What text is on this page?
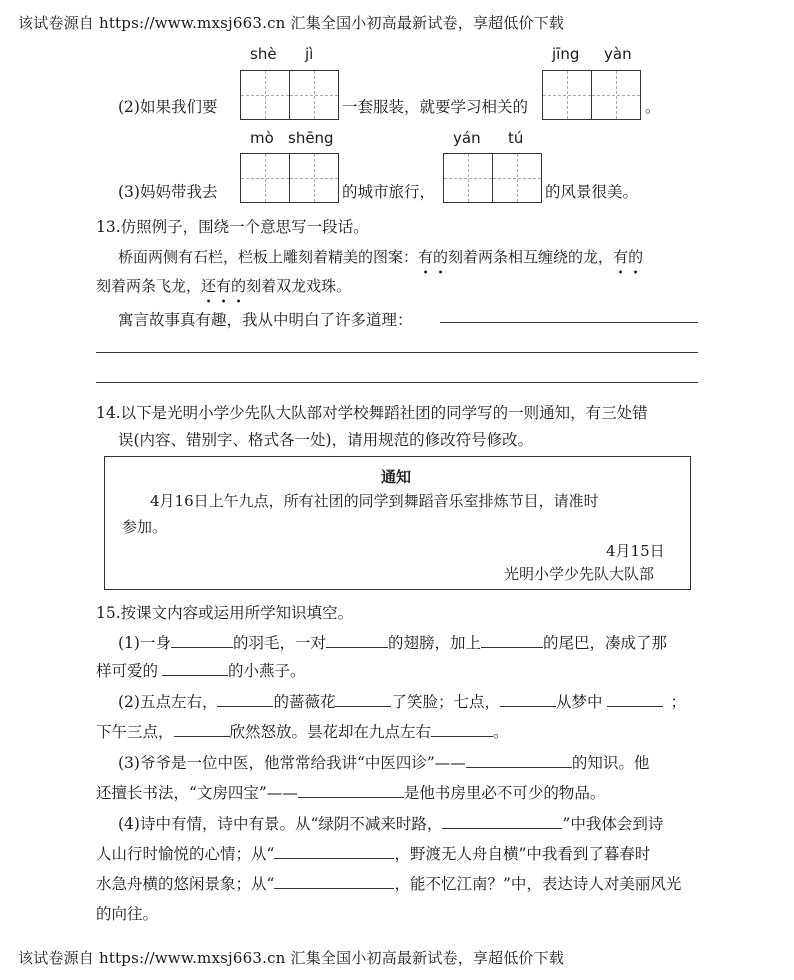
该试卷源自 https://www.mxsj663.cn 汇集全国小初高最新试卷，享超低价下载
shè jì	jīng yàn
(2)如果我们要	一套服装，就要学习相关的	。
mò shēng	yán tú
(3)妈妈带我去	的城市旅行，	的风景很美。
13.仿照例子，围绕一个意思写一段话。
桥面两侧有石栏，栏板上雕刻着精美的图案：有的刻着两条相互缠绕的龙，有的
刻着两条飞龙，还有的刻着双龙戏珠。
寓言故事真有趣，我从中明白了许多道理：
14.以下是光明小学少先队大队部对学校舞蹈社团的同学写的一则通知，有三处错
误(内容、错别字、格式各一处)，请用规范的修改符号修改。
通知
4月16日上午九点，所有社团的同学到舞蹈音乐室排炼节目，请准时
参加。
4月15日
光明小学少先队大队部
15.按课文内容或运用所学知识填空。
(1)一身	的羽毛，一对	的翅膀，加上	的尾巴，凑成了那
样可爱的	的小燕子。
(2)五点左右，	的蔷薇花	了笑脸；七点，	从梦中	；
下午三点，	欣然怒放。昙花却在九点左右	。
(3)爷爷是一位中医，他常常给我讲“中医四诊”——	的知识。他
还擅长书法，“文房四宝”——	是他书房里必不可少的物品。
(4)诗中有情，诗中有景。从“绿阴不减来时路，	”中我体会到诗
人山行时愉悦的心情；从“	，野渡无人舟自横”中我看到了暮春时
水急舟横的悠闲景象；从“	，能不忆江南？”中，表达诗人对美丽风光
的向往。
该试卷源自 https://www.mxsj663.cn 汇集全国小初高最新试卷，享超低价下载
